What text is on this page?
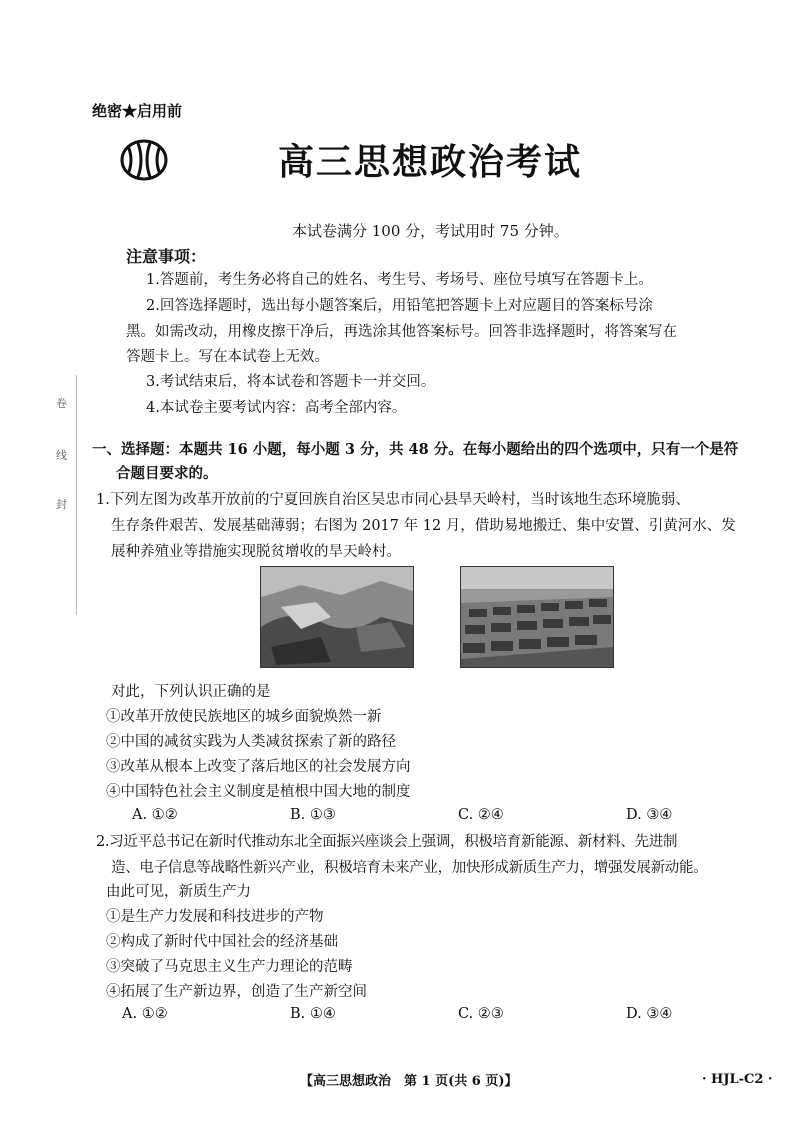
绝密★启用前
高三思想政治考试
本试卷满分 100 分，考试用时 75 分钟。
注意事项：
1.答题前，考生务必将自己的姓名、考生号、考场号、座位号填写在答题卡上。
2.回答选择题时，选出每小题答案后，用铅笔把答题卡上对应题目的答案标号涂
黑。如需改动，用橡皮擦干净后，再选涂其他答案标号。回答非选择题时，将答案写在
答题卡上。写在本试卷上无效。
3.考试结束后，将本试卷和答题卡一并交回。
4.本试卷主要考试内容：高考全部内容。
卷
线
封
一、选择题：本题共 16 小题，每小题 3 分，共 48 分。在每小题给出的四个选项中，只有一个是符
合题目要求的。
1.下列左图为改革开放前的宁夏回族自治区吴忠市同心县旱天岭村，当时该地生态环境脆弱、
生存条件艰苦、发展基础薄弱；右图为 2017 年 12 月，借助易地搬迁、集中安置、引黄河水、发
展种养殖业等措施实现脱贫增收的旱天岭村。
对此，下列认识正确的是
①改革开放使民族地区的城乡面貌焕然一新
②中国的减贫实践为人类减贫探索了新的路径
③改革从根本上改变了落后地区的社会发展方向
④中国特色社会主义制度是植根中国大地的制度
A. ①②	B. ①③	C. ②④	D. ③④
2.习近平总书记在新时代推动东北全面振兴座谈会上强调，积极培育新能源、新材料、先进制
造、电子信息等战略性新兴产业，积极培育未来产业，加快形成新质生产力，增强发展新动能。
由此可见，新质生产力
①是生产力发展和科技进步的产物
②构成了新时代中国社会的经济基础
③突破了马克思主义生产力理论的范畴
④拓展了生产新边界，创造了生产新空间
A. ①②	B. ①④	C. ②③	D. ③④
【高三思想政治　第 1 页(共 6 页)】	· HJL-C2 ·
